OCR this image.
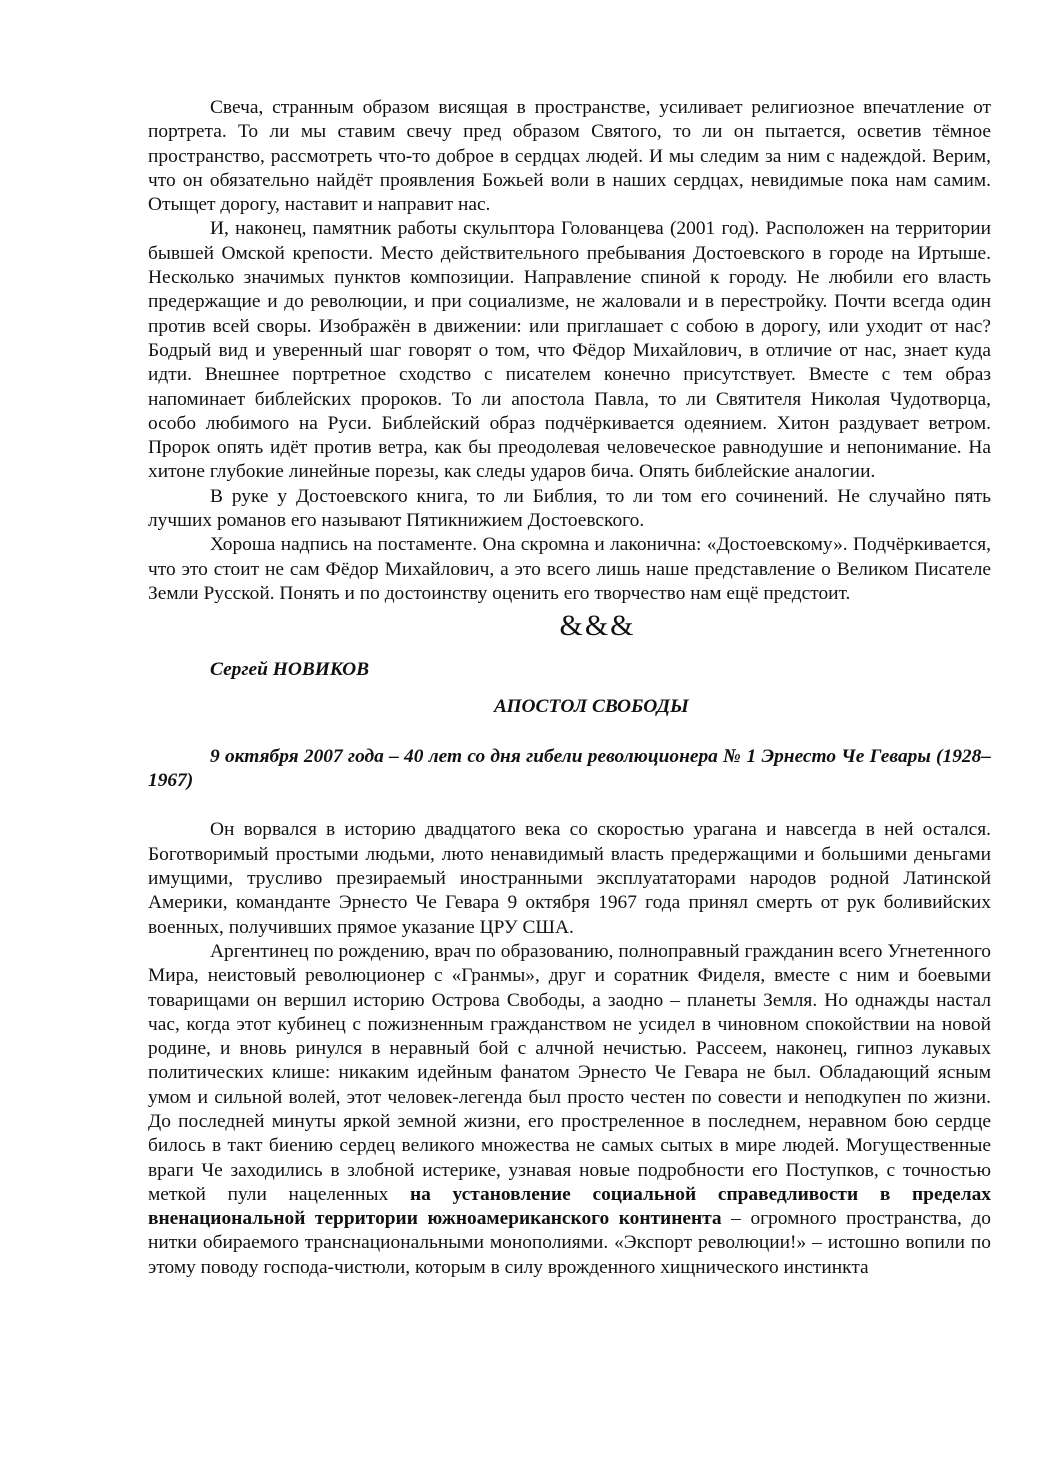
Свеча, странным образом висящая в пространстве, усиливает религиозное впечатление от портрета. То ли мы ставим свечу пред образом Святого, то ли он пытается, осветив тёмное пространство, рассмотреть что-то доброе в сердцах людей. И мы следим за ним с надеждой. Верим, что он обязательно найдёт проявления Божьей воли в наших сердцах, невидимые пока нам самим. Отыщет дорогу, наставит и направит нас.

И, наконец, памятник работы скульптора Голованцева (2001 год). Расположен на территории бывшей Омской крепости. Место действительного пребывания Достоевского в городе на Иртыше. Несколько значимых пунктов композиции. Направление спиной к городу. Не любили его власть предержащие и до революции, и при социализме, не жаловали и в перестройку. Почти всегда один против всей своры. Изображён в движении: или приглашает с собою в дорогу, или уходит от нас? Бодрый вид и уверенный шаг говорят о том, что Фёдор Михайлович, в отличие от нас, знает куда идти. Внешнее портретное сходство с писателем конечно присутствует. Вместе с тем образ напоминает библейских пророков. То ли апостола Павла, то ли Святителя Николая Чудотворца, особо любимого на Руси. Библейский образ подчёркивается одеянием. Хитон раздувает ветром. Пророк опять идёт против ветра, как бы преодолевая человеческое равнодушие и непонимание. На хитоне глубокие линейные порезы, как следы ударов бича. Опять библейские аналогии.

В руке у Достоевского книга, то ли Библия, то ли том его сочинений. Не случайно пять лучших романов его называют Пятикнижием Достоевского.

Хороша надпись на постаменте. Она скромна и лаконична: «Достоевскому». Подчёркивается, что это стоит не сам Фёдор Михайлович, а это всего лишь наше представление о Великом Писателе Земли Русской. Понять и по достоинству оценить его творчество нам ещё предстоит.

&&&
Сергей НОВИКОВ
АПОСТОЛ СВОБОДЫ

9 октября 2007 года – 40 лет со дня гибели революционера № 1 Эрнесто Че Гевары (1928–1967)

Он ворвался в историю двадцатого века со скоростью урагана и навсегда в ней остался. Боготворимый простыми людьми, люто ненавидимый власть предержащими и большими деньгами имущими, трусливо презираемый иностранными эксплуататорами народов родной Латинской Америки, команданте Эрнесто Че Гевара 9 октября 1967 года принял смерть от рук боливийских военных, получивших прямое указание ЦРУ США.

Аргентинец по рождению, врач по образованию, полноправный гражданин всего Угнетенного Мира, неистовый революционер с «Гранмы», друг и соратник Фиделя, вместе с ним и боевыми товарищами он вершил историю Острова Свободы, а заодно – планеты Земля. Но однажды настал час, когда этот кубинец с пожизненным гражданством не усидел в чиновном спокойствии на новой родине, и вновь ринулся в неравный бой с алчной нечистью. Рассеем, наконец, гипноз лукавых политических клише: никаким идейным фанатом Эрнесто Че Гевара не был. Обладающий ясным умом и сильной волей, этот человек-легенда был просто честен по совести и неподкупен по жизни. До последней минуты яркой земной жизни, его простреленное в последнем, неравном бою сердце билось в такт биению сердец великого множества не самых сытых в мире людей. Могущественные враги Че заходились в злобной истерике, узнавая новые подробности его Поступков, с точностью меткой пули нацеленных на установление социальной справедливости в пределах вненациональной территории южноамериканского континента – огромного пространства, до нитки обираемого транснациональными монополиями. «Экспорт революции!» – истошно вопили по этому поводу господа-чистюли, которым в силу врожденного хищнического инстинкта
